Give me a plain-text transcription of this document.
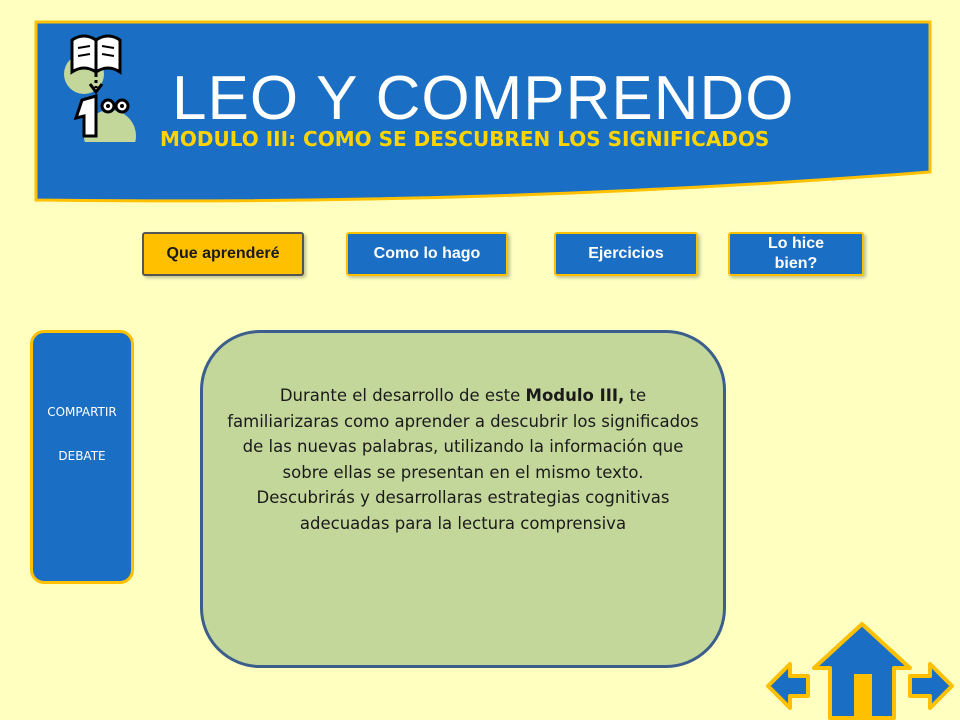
LEO Y COMPRENDO
MODULO III: COMO SE DESCUBREN LOS SIGNIFICADOS
Que aprenderé	Como lo hago	Ejercicios
Lo hice bien?
COMPARTIR
DEBATE

Durante el desarrollo de este Modulo III, te familiarizaras como aprender a descubrir los significados de las nuevas palabras, utilizando la información que sobre ellas se presentan en el mismo texto.

Descubrirás y desarrollaras estrategias cognitivas adecuadas para la lectura comprensiva
